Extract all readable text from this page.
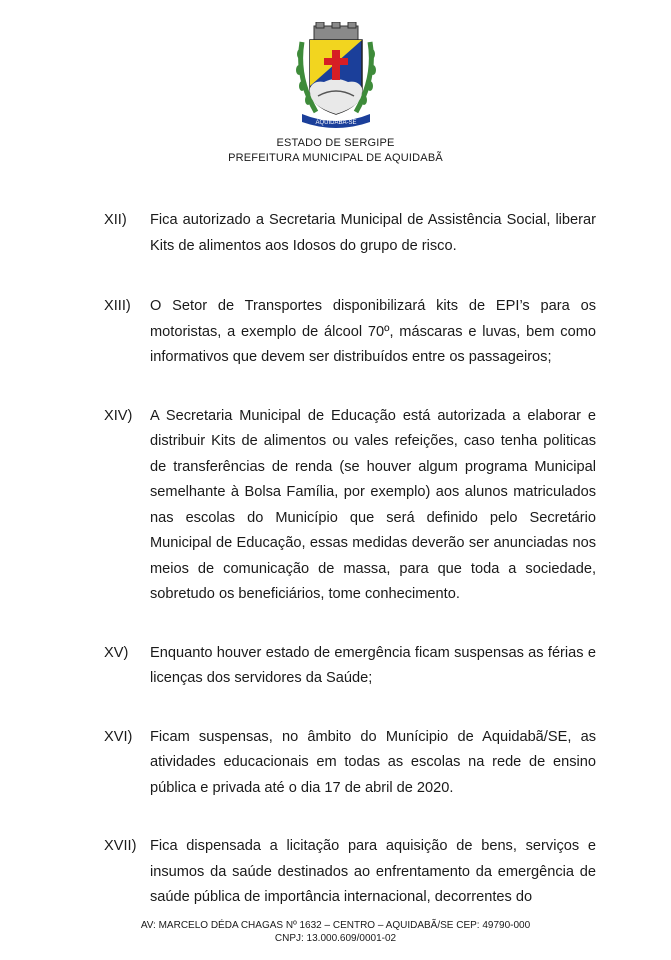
AQUIDABÃ-SE
ESTADO DE SERGIPE
PREFEITURA MUNICIPAL DE AQUIDABÃ
XII)	Fica autorizado a Secretaria Municipal de Assistência Social, liberar Kits de alimentos aos Idosos do grupo de risco.
XIII)	O Setor de Transportes disponibilizará kits de EPI’s para os motoristas, a exemplo de álcool 70º, máscaras e luvas, bem como informativos que devem ser distribuídos entre os passageiros;
XIV)	A Secretaria Municipal de Educação está autorizada a elaborar e distribuir Kits de alimentos ou vales refeições, caso tenha politicas de transferências de renda (se houver algum programa Municipal semelhante à Bolsa Família, por exemplo) aos alunos matriculados nas escolas do Município que será definido pelo Secretário Municipal de Educação, essas medidas deverão ser anunciadas nos meios de comunicação de massa, para que toda a sociedade, sobretudo os beneficiários, tome conhecimento.
XV)	Enquanto houver estado de emergência ficam suspensas as férias e licenças dos servidores da Saúde;
XVI)	Ficam suspensas, no âmbito do Munícipio de Aquidabã/SE, as atividades educacionais em todas as escolas na rede de ensino pública e privada até o dia 17 de abril de 2020.
XVII) Fica dispensada a licitação para aquisição de bens, serviços e insumos da saúde destinados ao enfrentamento da emergência de saúde pública de importância internacional, decorrentes do
AV: MARCELO DÉDA CHAGAS Nº 1632 – CENTRO – AQUIDABÃ/SE CEP: 49790-000
CNPJ: 13.000.609/0001-02
